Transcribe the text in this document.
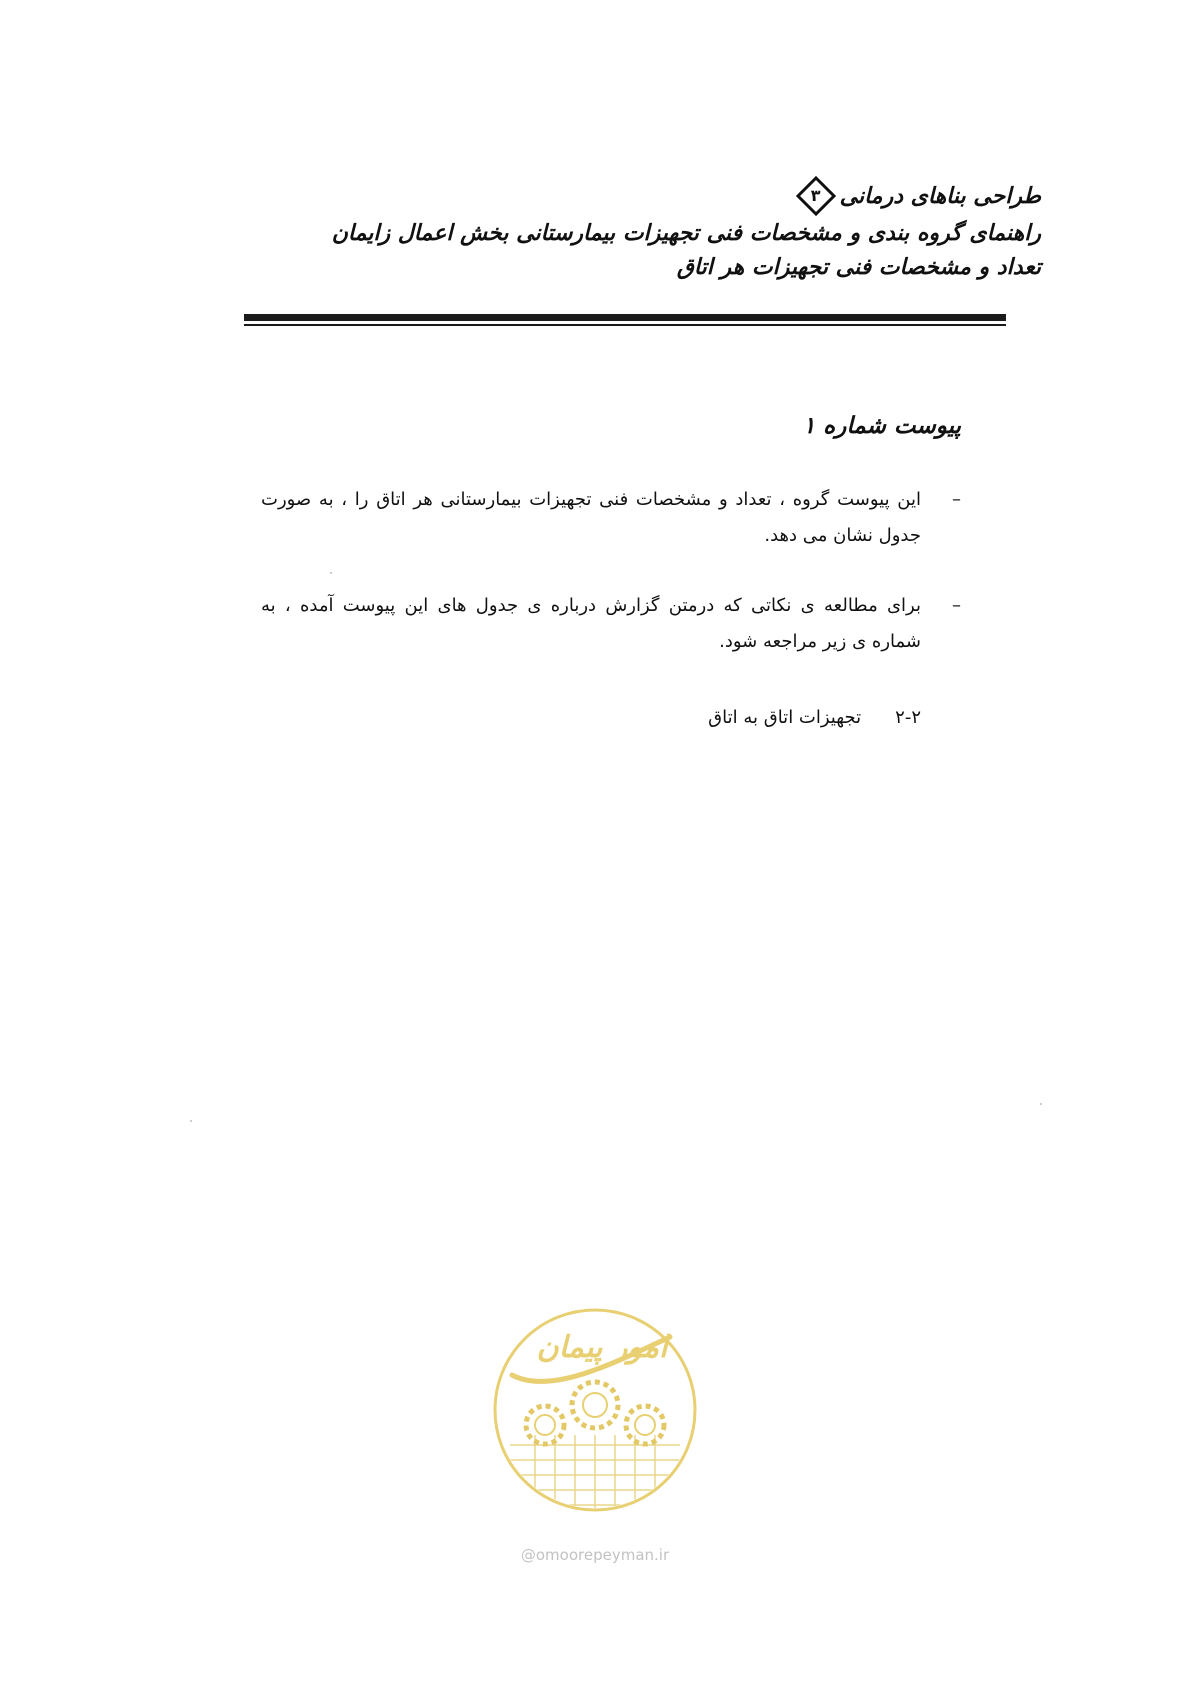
طراحی بناهای درمانی
۳
راهنمای گروه بندی و مشخصات فنی تجهیزات بیمارستانی بخش اعمال زایمان
تعداد و مشخصات فنی تجهیزات هر اتاق
پیوست شماره ۱
–
این پیوست گروه ، تعداد و مشخصات فنی تجهیزات بیمارستانی هر اتاق را ، به صورت جدول نشان می دهد.
–
برای مطالعه ی نکاتی که درمتن گزارش درباره ی جدول های این پیوست آمده ، به شماره ی زیر مراجعه شود.
۲-۲
تجهیزات اتاق به اتاق
امور پیمان
@omoorepeyman.ir
